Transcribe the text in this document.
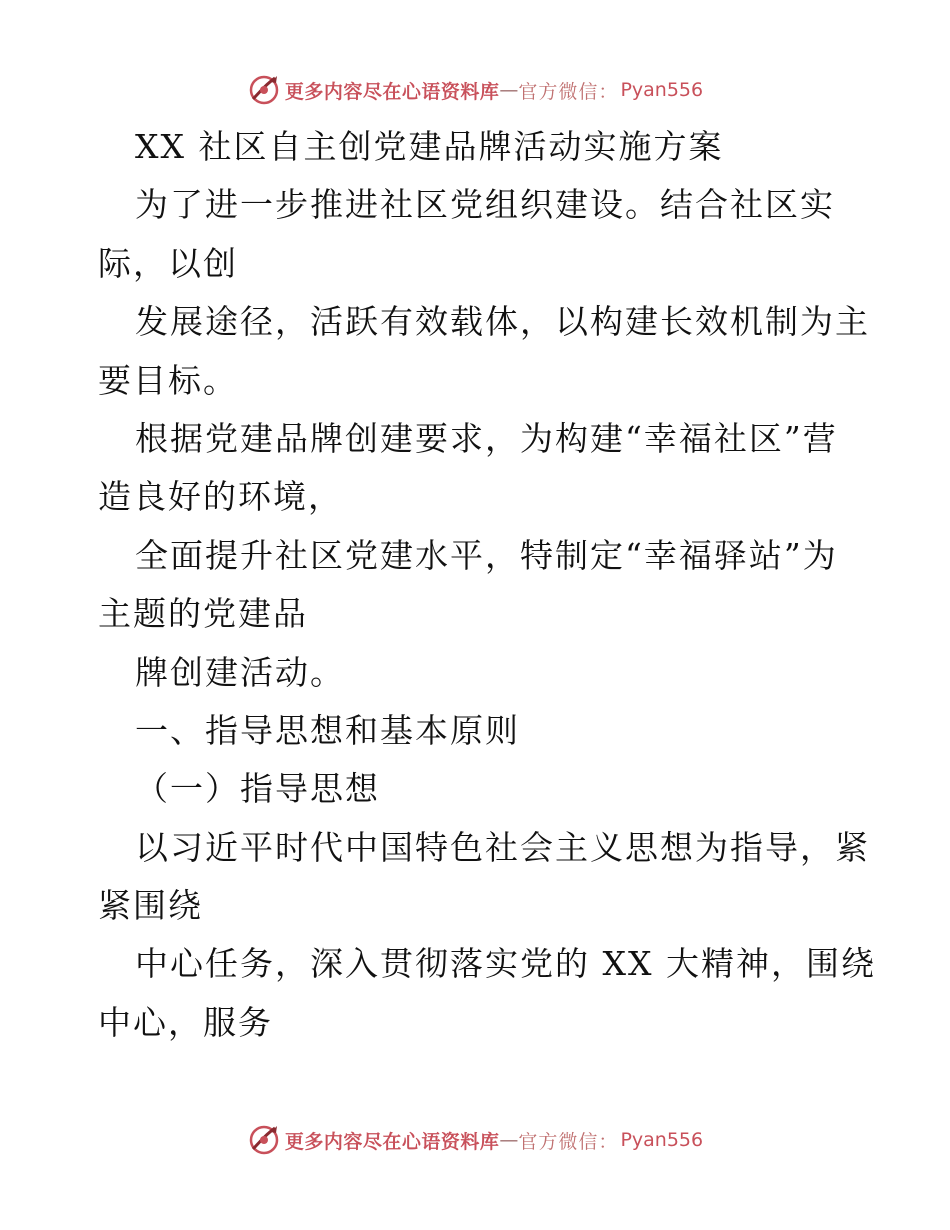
更多内容尽在心语资料库 — 官方微信： Pyan556
XX 社区自主创党建品牌活动实施方案
为了进一步推进社区党组织建设。结合社区实
际，以创
发展途径，活跃有效载体，以构建长效机制为主
要目标。
根据党建品牌创建要求，为构建“幸福社区”营
造良好的环境，
全面提升社区党建水平，特制定“幸福驿站”为
主题的党建品
牌创建活动。
一、指导思想和基本原则
（一）指导思想
以习近平时代中国特色社会主义思想为指导，紧
紧围绕
中心任务，深入贯彻落实党的 XX 大精神，围绕
中心，服务
更多内容尽在心语资料库 — 官方微信： Pyan556
